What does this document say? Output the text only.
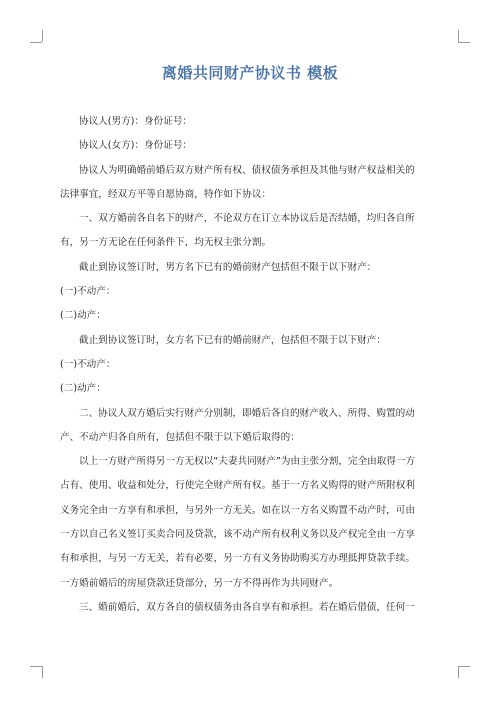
离婚共同财产协议书 模板
协议人(男方)：身份证号：
协议人(女方)：身份证号：
协议人为明确婚前婚后双方财产所有权、债权债务承担及其他与财产权益相关的
法律事宜，经双方平等自愿协商，特作如下协议：
一、双方婚前各自名下的财产，不论双方在订立本协议后是否结婚，均归各自所
有，另一方无论在任何条件下，均无权主张分割。
截止到协议签订时，男方名下已有的婚前财产包括但不限于以下财产：
(一)不动产：
(二)动产：
截止到协议签订时，女方名下已有的婚前财产，包括但不限于以下财产：
(一)不动产：
(二)动产：
二、协议人双方婚后实行财产分别制，即婚后各自的财产收入、所得、购置的动
产、不动产归各自所有，包括但不限于以下婚后取得的：
以上一方财产所得另一方无权以“夫妻共同财产”为由主张分割，完全由取得一方
占有、使用、收益和处分，行使完全财产所有权。基于一方名义购得的财产所附权利
义务完全由一方享有和承担，与另外一方无关。如在以一方名义购置不动产时，可由
一方以自己名义签订买卖合同及贷款，该不动产所有权利义务以及产权完全由一方享
有和承担，与另一方无关，若有必要，另一方有义务协助购买方办理抵押贷款手续。
一方婚前婚后的房屋贷款还贷部分，另一方不得再作为共同财产。
三、婚前婚后，双方各自的债权债务由各自享有和承担。若在婚后借债，任何一
